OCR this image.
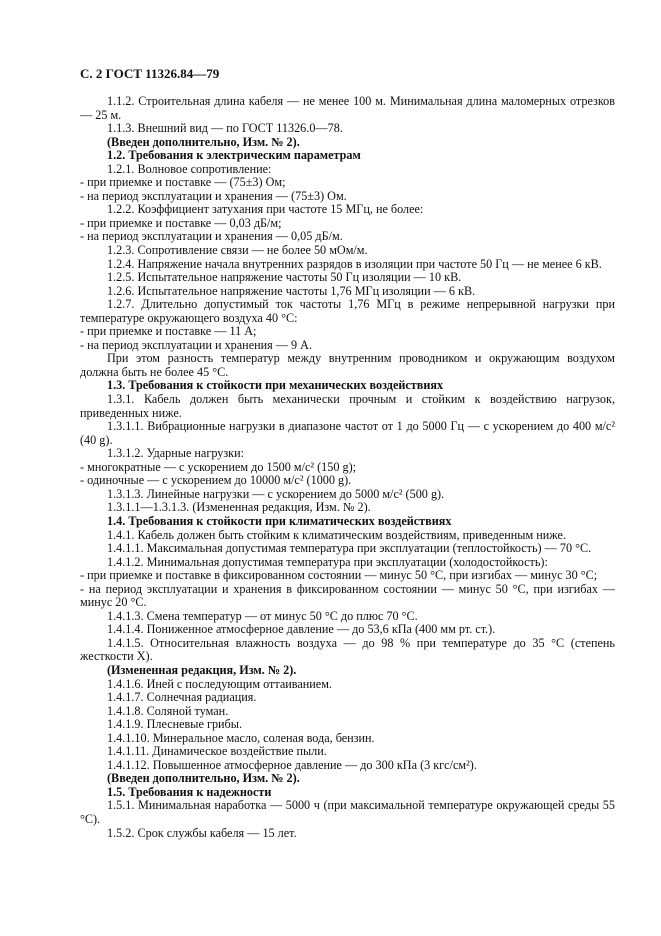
С. 2 ГОСТ 11326.84—79

1.1.2. Строительная длина кабеля — не менее 100 м. Минимальная длина маломерных отрезков — 25 м.

1.1.3. Внешний вид — по ГОСТ 11326.0—78.

(Введен дополнительно, Изм. № 2).

1.2. Требования к электрическим параметрам

1.2.1. Волновое сопротивление:

- при приемке и поставке — (75±3) Ом;

- на период эксплуатации и хранения — (75±3) Ом.

1.2.2. Коэффициент затухания при частоте 15 МГц, не более:

- при приемке и поставке — 0,03 дБ/м;

- на период эксплуатации и хранения — 0,05 дБ/м.

1.2.3. Сопротивление связи — не более 50 мОм/м.

1.2.4. Напряжение начала внутренних разрядов в изоляции при частоте 50 Гц — не менее 6 кВ.

1.2.5. Испытательное напряжение частоты 50 Гц изоляции — 10 кВ.

1.2.6. Испытательное напряжение частоты 1,76 МГц изоляции — 6 кВ.

1.2.7. Длительно допустимый ток частоты 1,76 МГц в режиме непрерывной нагрузки при температуре окружающего воздуха 40 °С:

- при приемке и поставке — 11 А;

- на период эксплуатации и хранения — 9 А.

При этом разность температур между внутренним проводником и окружающим воздухом должна быть не более 45 °С.

1.3. Требования к стойкости при механических воздействиях

1.3.1. Кабель должен быть механически прочным и стойким к воздействию нагрузок, приведенных ниже.

1.3.1.1. Вибрационные нагрузки в диапазоне частот от 1 до 5000 Гц — с ускорением до 400 м/с² (40 g).

1.3.1.2. Ударные нагрузки:

- многократные — с ускорением до 1500 м/с² (150 g);

- одиночные — с ускорением до 10000 м/с² (1000 g).

1.3.1.3. Линейные нагрузки — с ускорением до 5000 м/с² (500 g).

1.3.1.1—1.3.1.3. (Измененная редакция, Изм. № 2).

1.4. Требования к стойкости при климатических воздействиях

1.4.1. Кабель должен быть стойким к климатическим воздействиям, приведенным ниже.

1.4.1.1. Максимальная допустимая температура при эксплуатации (теплостойкость) — 70 °С.

1.4.1.2. Минимальная допустимая температура при эксплуатации (холодостойкость):

- при приемке и поставке в фиксированном состоянии — минус 50 °С, при изгибах — минус 30 °С;

- на период эксплуатации и хранения в фиксированном состоянии — минус 50 °С, при изгибах — минус 20 °С.

1.4.1.3. Смена температур — от минус 50 °С до плюс 70 °С.

1.4.1.4. Пониженное атмосферное давление — до 53,6 кПа (400 мм рт. ст.).

1.4.1.5. Относительная влажность воздуха — до 98 % при температуре до 35 °С (степень жесткости X).

(Измененная редакция, Изм. № 2).

1.4.1.6. Иней с последующим оттаиванием.

1.4.1.7. Солнечная радиация.

1.4.1.8. Соляной туман.

1.4.1.9. Плесневые грибы.

1.4.1.10. Минеральное масло, соленая вода, бензин.

1.4.1.11. Динамическое воздействие пыли.

1.4.1.12. Повышенное атмосферное давление — до 300 кПа (3 кгс/см²).

(Введен дополнительно, Изм. № 2).

1.5. Требования к надежности

1.5.1. Минимальная наработка — 5000 ч (при максимальной температуре окружающей среды 55 °С).

1.5.2. Срок службы кабеля — 15 лет.
